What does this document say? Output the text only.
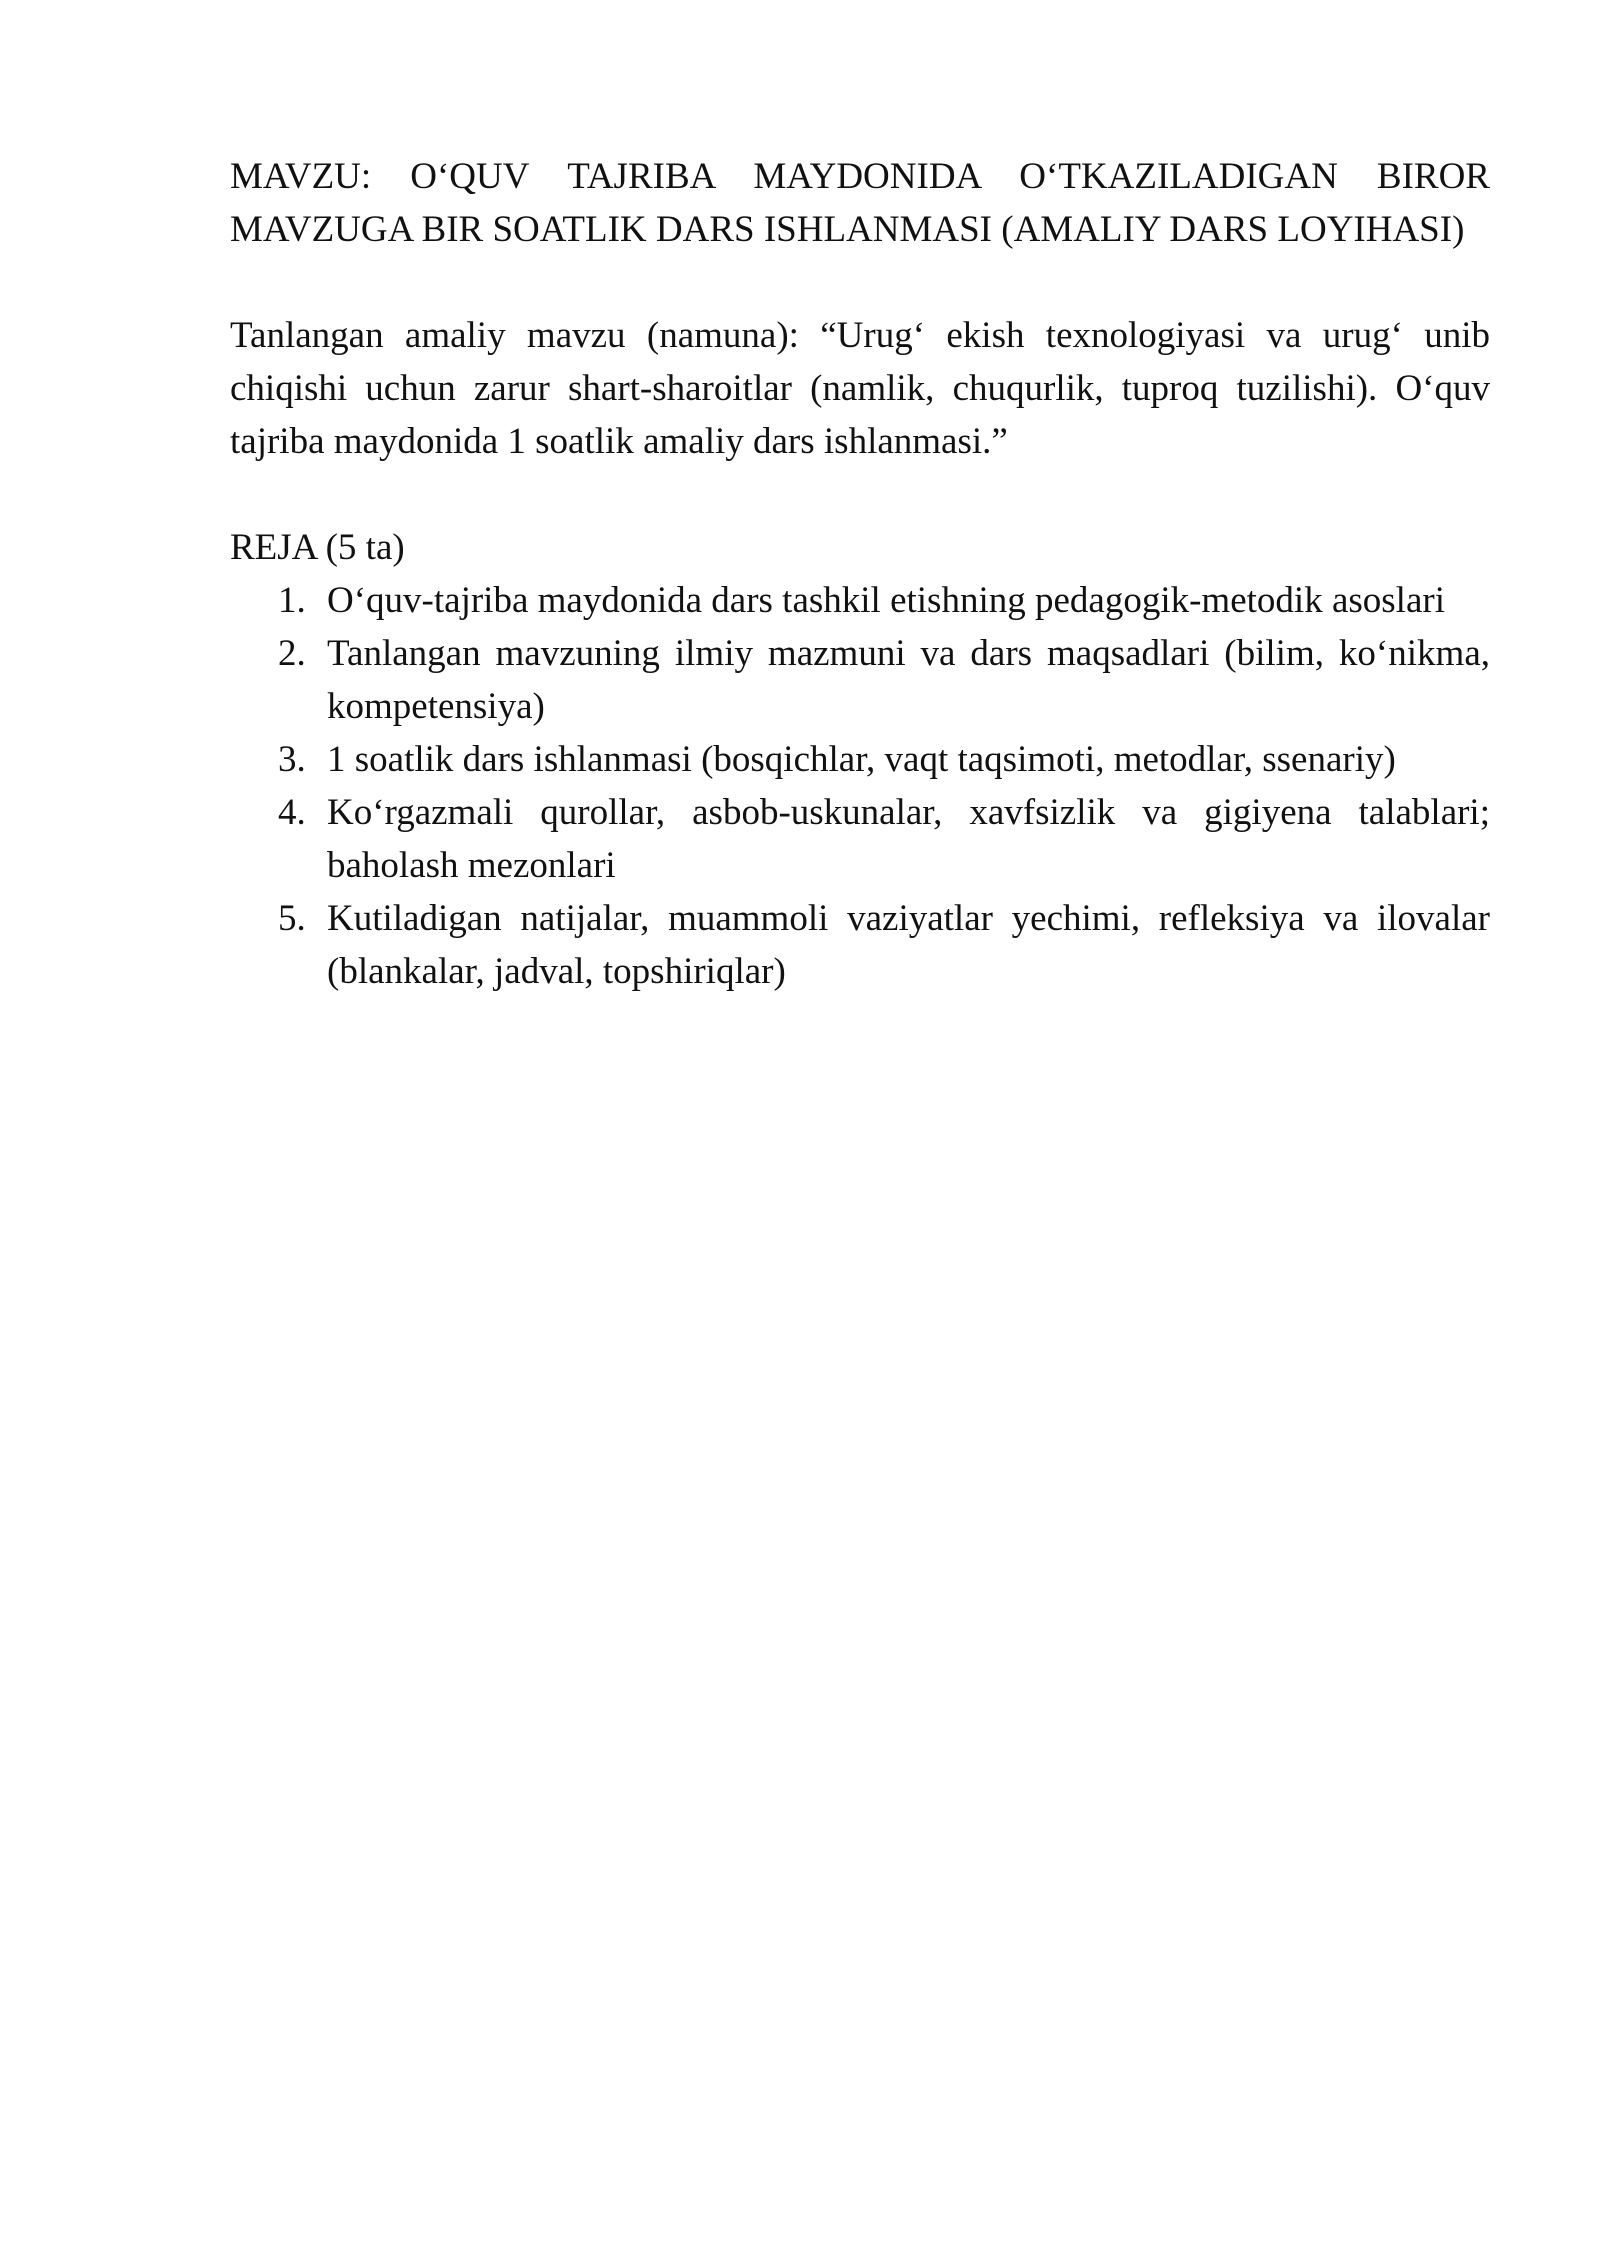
MAVZU: O‘QUV TAJRIBA MAYDONIDA O‘TKAZILADIGAN BIROR MAVZUGA BIR SOATLIK DARS ISHLANMASI (AMALIY DARS LOYIHASI)

Tanlangan amaliy mavzu (namuna): “Urug‘ ekish texnologiyasi va urug‘ unib chiqishi uchun zarur shart-sharoitlar (namlik, chuqurlik, tuproq tuzilishi). O‘quv tajriba maydonida 1 soatlik amaliy dars ishlanmasi.”

REJA (5 ta)
1. O‘quv-tajriba maydonida dars tashkil etishning pedagogik-metodik asoslari
2. Tanlangan mavzuning ilmiy mazmuni va dars maqsadlari (bilim, ko‘nikma, kompetensiya)
3. 1 soatlik dars ishlanmasi (bosqichlar, vaqt taqsimoti, metodlar, ssenariy)
4. Ko‘rgazmali qurollar, asbob-uskunalar, xavfsizlik va gigiyena talablari; baholash mezonlari
5. Kutiladigan natijalar, muammoli vaziyatlar yechimi, refleksiya va ilovalar (blankalar, jadval, topshiriqlar)
